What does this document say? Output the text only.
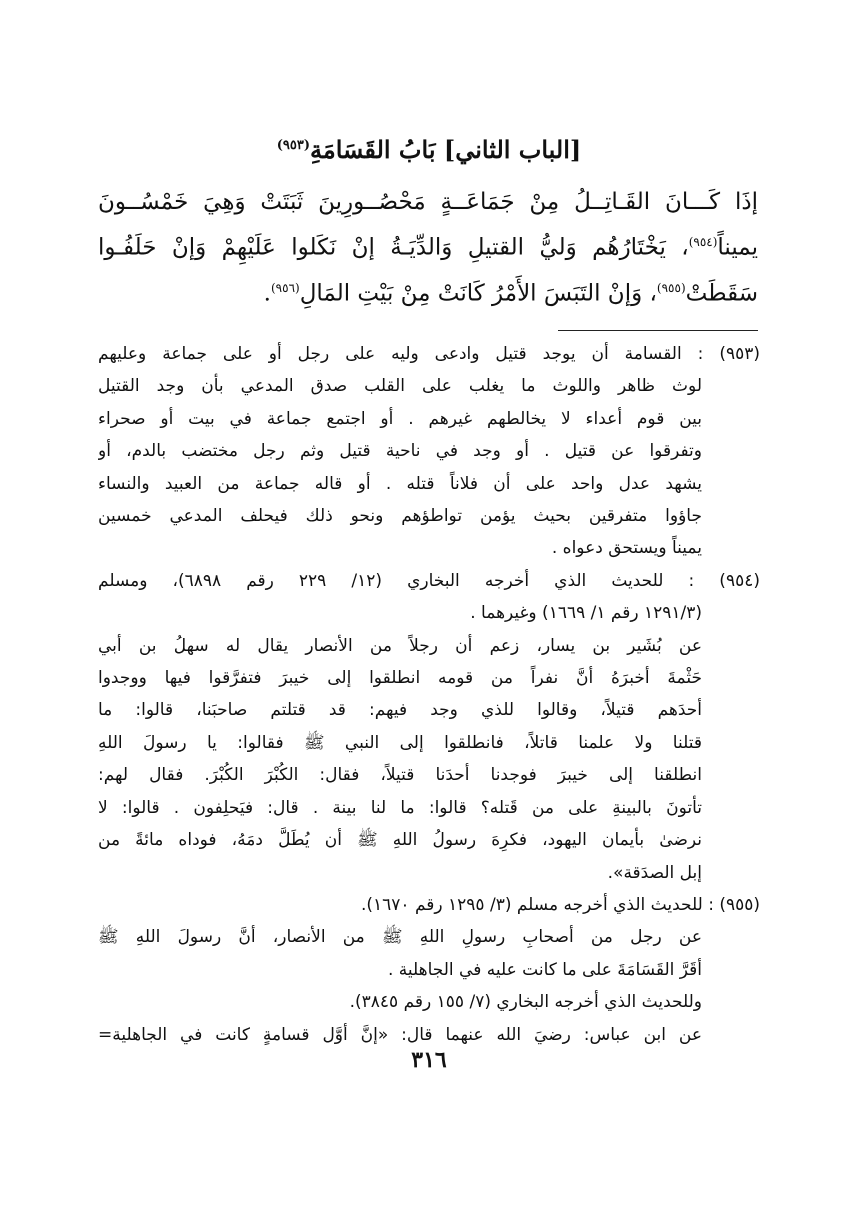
[الباب الثاني] بَابُ القَسَامَةِ$^{(٩٥٣)}$
إذَا كَـــانَ القَـاتِــلُ مِنْ جَمَاعَــةٍ مَحْصُــورِينَ ثَبَتَتْ وَهِيَ خَمْسُــونَ
يميناً$^{(٩٥٤)}$، يَخْتَارُهُم وَليُّ القتيلِ وَالدِّيَـةُ إنْ نَكَلوا عَلَيْهِمْ وَإنْ حَلَفُـوا
سَقَطَتْ$^{(٩٥٥)}$، وَإنْ التَبَسَ الأَمْرُ كَانَتْ مِنْ بَيْتِ المَالِ$^{(٩٥٦)}$.
(٩٥٣) : القسامة أن يوجد قتيل وادعى وليه على رجل أو على جماعة وعليهم
لوث ظاهر واللوث ما يغلب على القلب صدق المدعي بأن وجد القتيل
بين قوم أعداء لا يخالطهم غيرهم . أو اجتمع جماعة في بيت أو صحراء
وتفرقوا عن قتيل . أو وجد في ناحية قتيل وثم رجل مختضب بالدم، أو
يشهد عدل واحد على أن فلاناً قتله . أو قاله جماعة من العبيد والنساء
جاؤوا متفرقين بحيث يؤمن تواطؤهم ونحو ذلك فيحلف المدعي خمسين
يميناً ويستحق دعواه .
(٩٥٤) : للحديث الذي أخرجه البخاري (١٢/ ٢٢٩ رقم ٦٨٩٨)، ومسلم
(١٢٩١/٣ رقم ١/ ١٦٦٩) وغيرهما .
عن بُشَير بن يسار، زعم أن رجلاً من الأنصار يقال له سهلُ بن أبي
حَثْمةَ أخبرَهُ أنَّ نفراً من قومه انطلقوا إلى خيبرَ فتفرَّقوا فيها ووجدوا
أحدَهم قتيلاً، وقالوا للذي وجد فيهم: قد قتلتم صاحبَنا، قالوا: ما
قتلنا ولا علمنا قاتلاً، فانطلقوا إلى النبي ﷺ فقالوا: يا رسولَ اللهِ
انطلقنا إلى خيبرَ فوجدنا أحدَنا قتيلاً، فقال: الكُبْرَ الكُبْرَ. فقال لهم:
تأتونَ بالبينةِ على من قَتله؟ قالوا: ما لنا بينة . قال: فيَحلِفون . قالوا: لا
نرضىٰ بأيمان اليهود، فكرِهَ رسولُ اللهِ ﷺ أن يُطَلَّ دمَهُ، فوداه مائةً من
إبل الصدَقة».
(٩٥٥) : للحديث الذي أخرجه مسلم (٣/ ١٢٩٥ رقم ١٦٧٠).
عن رجل من أصحابِ رسولِ اللهِ ﷺ من الأنصار، أنَّ رسولَ اللهِ ﷺ
أقَرَّ القَسَامَةَ على ما كانت عليه في الجاهلية .
وللحديث الذي أخرجه البخاري (٧/ ١٥٥ رقم ٣٨٤٥).
عن ابن عباس: رضيَ الله عنهما قال: «إنَّ أوَّل قسامةٍ كانت في الجاهلية=
٣١٦
